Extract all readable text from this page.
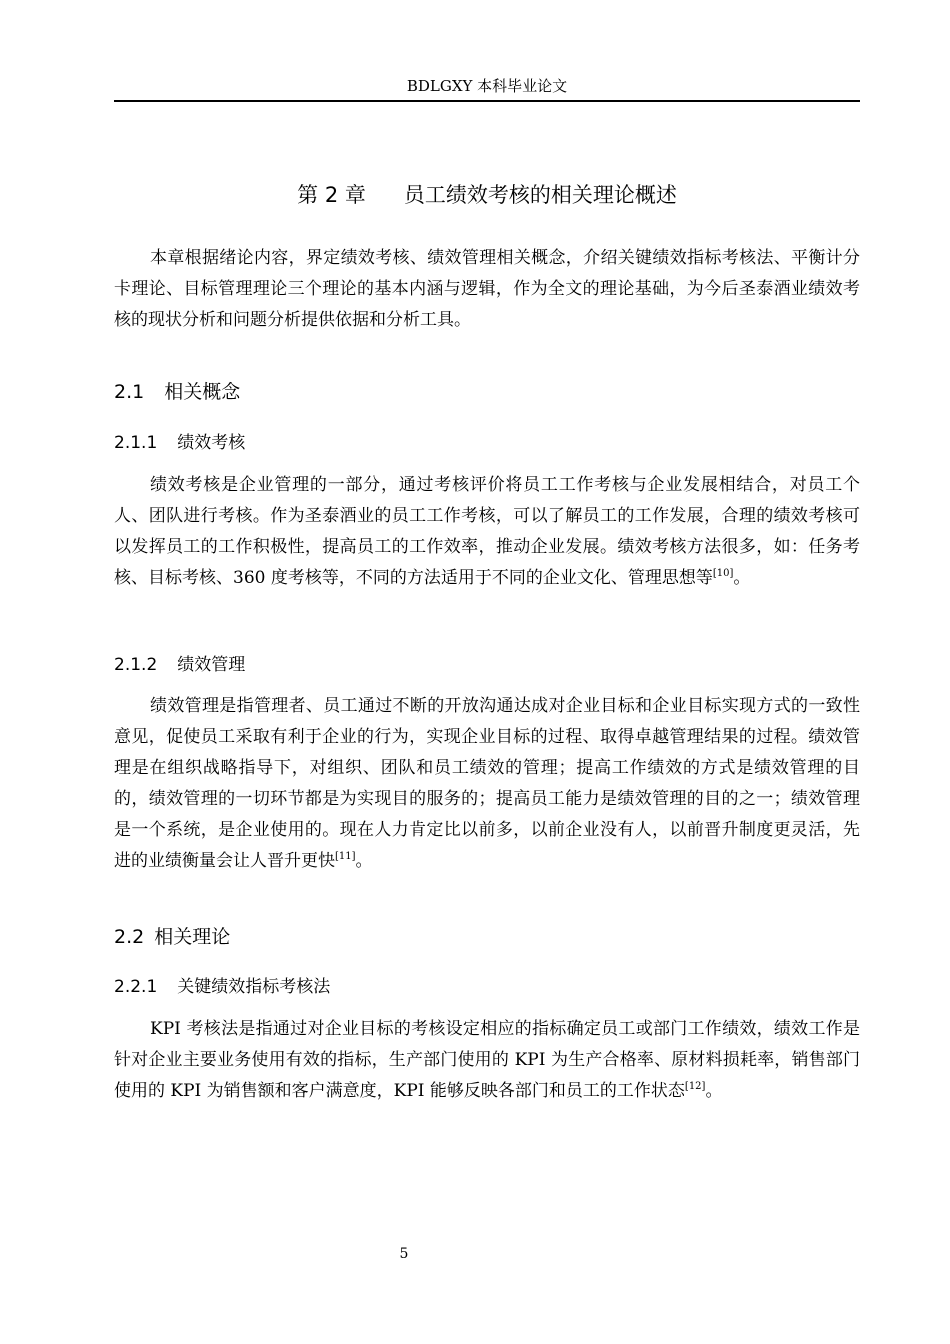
BDLGXY 本科毕业论文
第 2 章 员工绩效考核的相关理论概述

本章根据绪论内容，界定绩效考核、绩效管理相关概念，介绍关键绩效指标考核法、平衡计分卡理论、目标管理理论三个理论的基本内涵与逻辑，作为全文的理论基础，为今后圣泰酒业绩效考核的现状分析和问题分析提供依据和分析工具。

2.1 相关概念
2.1.1 绩效考核

绩效考核是企业管理的一部分，通过考核评价将员工工作考核与企业发展相结合，对员工个人、团队进行考核。作为圣泰酒业的员工工作考核，可以了解员工的工作发展，合理的绩效考核可以发挥员工的工作积极性，提高员工的工作效率，推动企业发展。绩效考核方法很多，如：任务考核、目标考核、360 度考核等，不同的方法适用于不同的企业文化、管理思想等[10]。

2.1.2 绩效管理

绩效管理是指管理者、员工通过不断的开放沟通达成对企业目标和企业目标实现方式的一致性意见，促使员工采取有利于企业的行为，实现企业目标的过程、取得卓越管理结果的过程。绩效管理是在组织战略指导下，对组织、团队和员工绩效的管理；提高工作绩效的方式是绩效管理的目的，绩效管理的一切环节都是为实现目的服务的；提高员工能力是绩效管理的目的之一；绩效管理是一个系统，是企业使用的。现在人力肯定比以前多，以前企业没有人，以前晋升制度更灵活，先进的业绩衡量会让人晋升更快[11]。

2.2 相关理论
2.2.1 关键绩效指标考核法

KPI 考核法是指通过对企业目标的考核设定相应的指标确定员工或部门工作绩效，绩效工作是针对企业主要业务使用有效的指标，生产部门使用的 KPI 为生产合格率、原材料损耗率，销售部门使用的 KPI 为销售额和客户满意度，KPI 能够反映各部门和员工的工作状态[12]。

5
